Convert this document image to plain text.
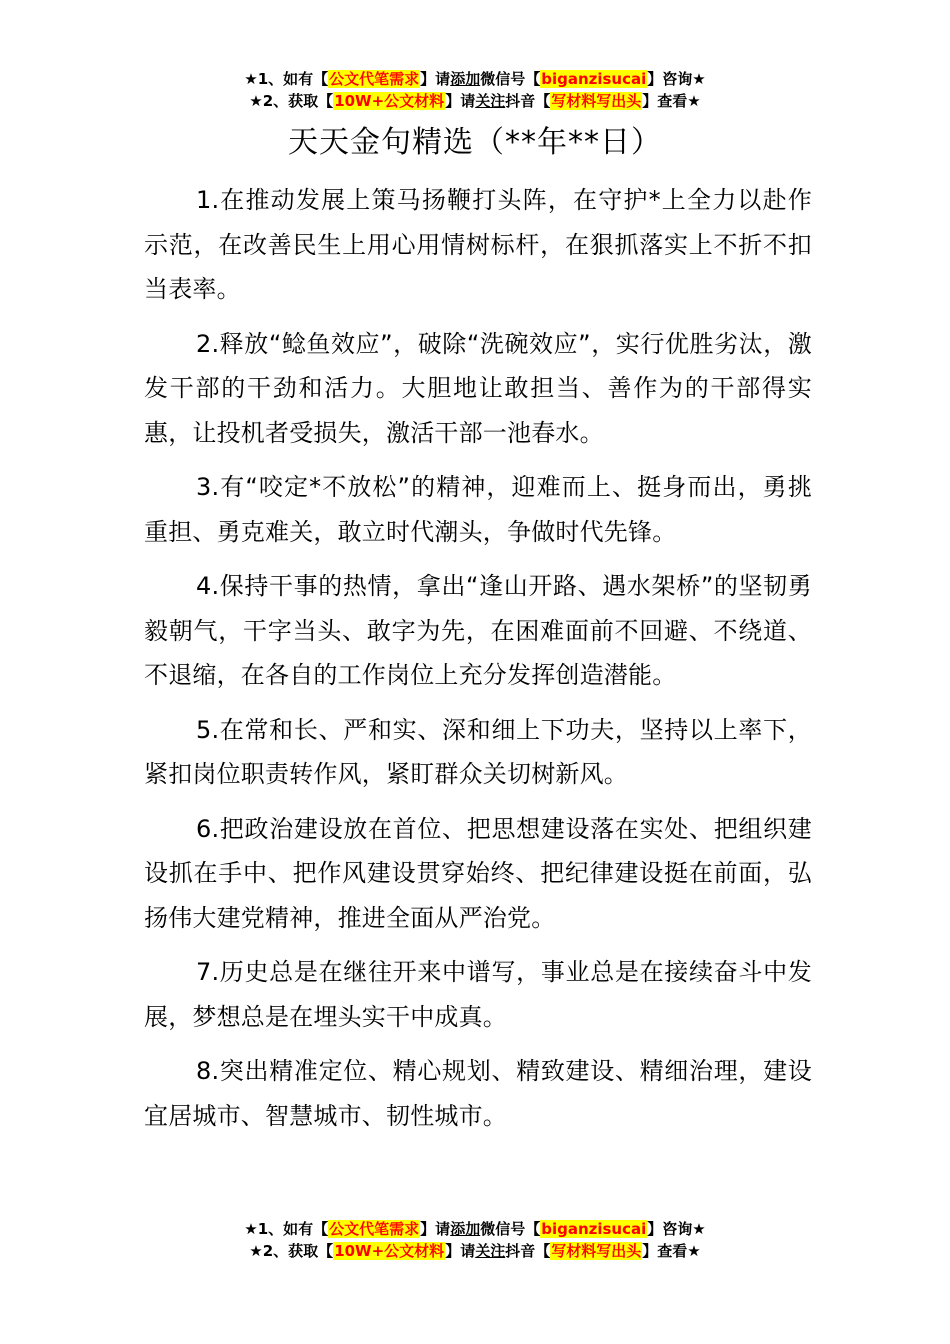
★1、如有【公文代笔需求】请添加微信号【biganzisucai】咨询★
★2、获取【10W+公文材料】请关注抖音【写材料写出头】查看★
天天金句精选（**年**日）

1.在推动发展上策马扬鞭打头阵，在守护*上全力以赴作示范，在改善民生上用心用情树标杆，在狠抓落实上不折不扣当表率。

2.释放“鲶鱼效应”，破除“洗碗效应”，实行优胜劣汰，激发干部的干劲和活力。大胆地让敢担当、善作为的干部得实惠，让投机者受损失，激活干部一池春水。

3.有“咬定*不放松”的精神，迎难而上、挺身而出，勇挑重担、勇克难关，敢立时代潮头，争做时代先锋。

4.保持干事的热情，拿出“逢山开路、遇水架桥”的坚韧勇毅朝气，干字当头、敢字为先，在困难面前不回避、不绕道、不退缩，在各自的工作岗位上充分发挥创造潜能。

5.在常和长、严和实、深和细上下功夫，坚持以上率下，紧扣岗位职责转作风，紧盯群众关切树新风。

6.把政治建设放在首位、把思想建设落在实处、把组织建设抓在手中、把作风建设贯穿始终、把纪律建设挺在前面，弘扬伟大建党精神，推进全面从严治党。

7.历史总是在继往开来中谱写，事业总是在接续奋斗中发展，梦想总是在埋头实干中成真。

8.突出精准定位、精心规划、精致建设、精细治理，建设宜居城市、智慧城市、韧性城市。

★1、如有【公文代笔需求】请添加微信号【biganzisucai】咨询★
★2、获取【10W+公文材料】请关注抖音【写材料写出头】查看★
